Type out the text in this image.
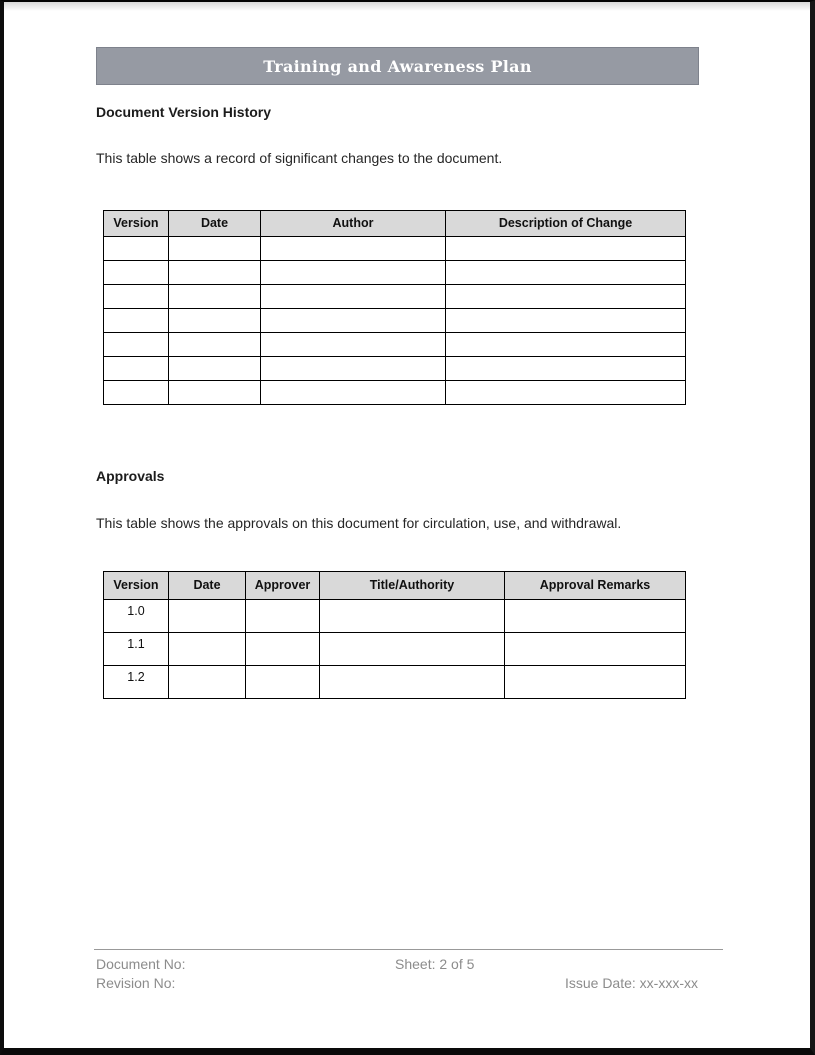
Training and Awareness Plan
Document Version History
This table shows a record of significant changes to the document.
Version	Date	Author	Description of Change

Approvals
This table shows the approvals on this document for circulation, use, and withdrawal.
Version	Date	Approver	Title/Authority	Approval Remarks
1.0				
1.1				
1.2				
Document No:	Sheet: 2 of 5
Revision No:	Issue Date: xx-xxx-xx
